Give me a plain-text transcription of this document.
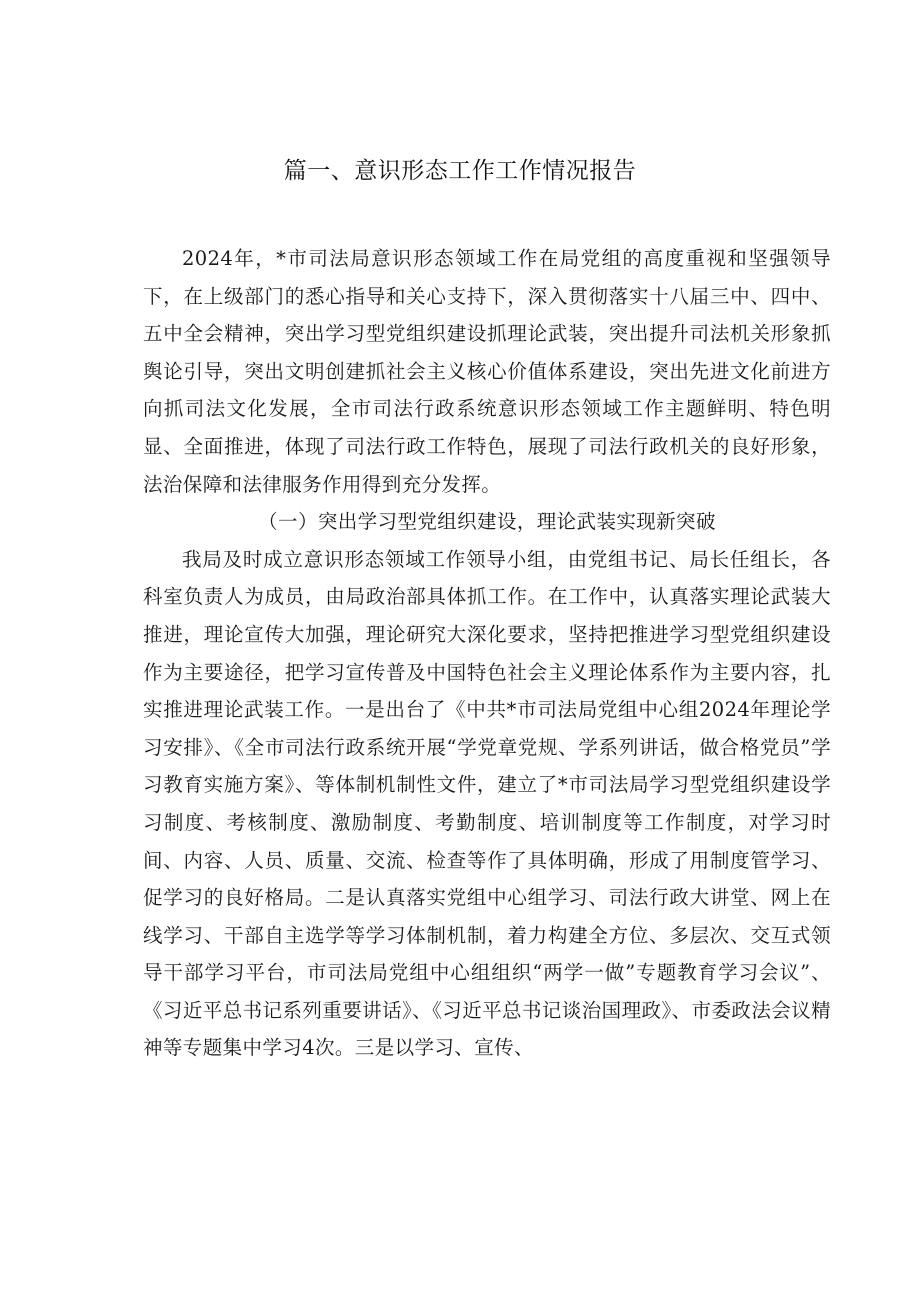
篇一、意识形态工作工作情况报告

2024年，*市司法局意识形态领域工作在局党组的高度重视和坚强领导下，在上级部门的悉心指导和关心支持下，深入贯彻落实十八届三中、四中、五中全会精神，突出学习型党组织建设抓理论武装，突出提升司法机关形象抓舆论引导，突出文明创建抓社会主义核心价值体系建设，突出先进文化前进方向抓司法文化发展，全市司法行政系统意识形态领域工作主题鲜明、特色明显、全面推进，体现了司法行政工作特色，展现了司法行政机关的良好形象，法治保障和法律服务作用得到充分发挥。

（一）突出学习型党组织建设，理论武装实现新突破

我局及时成立意识形态领域工作领导小组，由党组书记、局长任组长，各科室负责人为成员，由局政治部具体抓工作。在工作中，认真落实理论武装大推进，理论宣传大加强，理论研究大深化要求，坚持把推进学习型党组织建设作为主要途径，把学习宣传普及中国特色社会主义理论体系作为主要内容，扎实推进理论武装工作。一是出台了《中共*市司法局党组中心组2024年理论学习安排》、《全市司法行政系统开展“学党章党规、学系列讲话，做合格党员”学习教育实施方案》、等体制机制性文件，建立了*市司法局学习型党组织建设学习制度、考核制度、激励制度、考勤制度、培训制度等工作制度，对学习时间、内容、人员、质量、交流、检查等作了具体明确，形成了用制度管学习、促学习的良好格局。二是认真落实党组中心组学习、司法行政大讲堂、网上在线学习、干部自主选学等学习体制机制，着力构建全方位、多层次、交互式领导干部学习平台，市司法局党组中心组组织“两学一做”专题教育学习会议”、《习近平总书记系列重要讲话》、《习近平总书记谈治国理政》、市委政法会议精神等专题集中学习4次。三是以学习、宣传、
